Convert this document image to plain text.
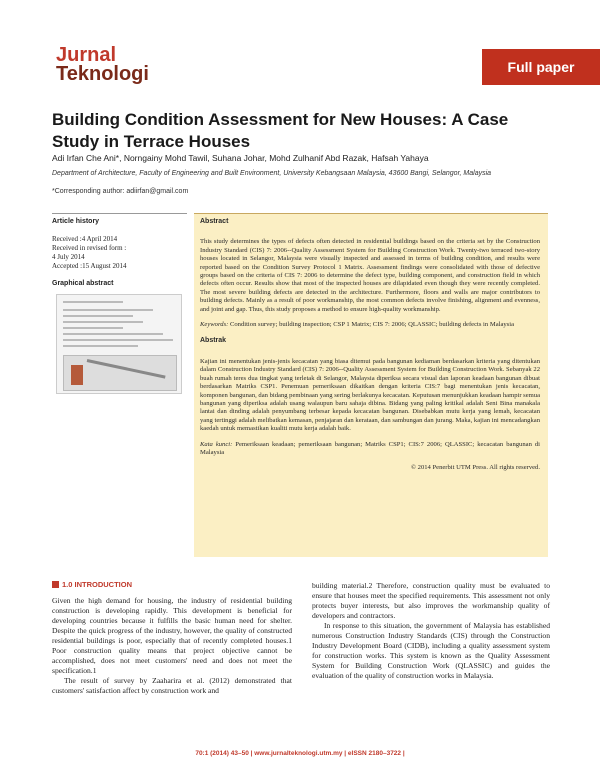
Jurnal
Teknologi	Full paper
Building Condition Assessment for New Houses: A Case Study in Terrace Houses
Adi Irfan Che Ani*, Norngainy Mohd Tawil, Suhana Johar, Mohd Zulhanif Abd Razak, Hafsah Yahaya
Department of Architecture, Faculty of Engineering and Built Environment, University Kebangsaan Malaysia, 43600 Bangi, Selangor, Malaysia
*Corresponding author: adiirfan@gmail.com
Article history
Received :4 April 2014
Received in revised form :
4 July 2014
Accepted :15 August 2014
Graphical abstract
Abstract

This study determines the types of defects often detected in residential buildings based on the criteria set by the Construction Industry Standard (CIS) 7: 2006--Quality Assessment System for Building Construction Work. Twenty-two terraced two-story houses located in Selangor, Malaysia were visually inspected and assessed in terms of building condition, and results were reported based on the Condition Survey Protocol 1 Matrix. Assessment findings were consolidated with those of defective groups based on the criteria of CIS 7: 2006 to determine the defect type, building component, and construction field in which defects often occur. Results show that most of the inspected houses are dilapidated even though they were recently completed. The most severe building defects are detected in the architecture. Furthermore, floors and walls are major contributors to building defects. Mainly as a result of poor workmanship, the most common defects involve finishing, alignment and evenness, and joint and gap. Thus, this study proposes a method to ensure high-quality workmanship.

Keywords: Condition survey; building inspection; CSP 1 Matrix; CIS 7: 2006; QLASSIC; building defects in Malaysia

Abstrak

Kajian ini menentukan jenis-jenis kecacatan yang biasa ditemui pada bangunan kediaman berdasarkan kriteria yang ditentukan dalam Construction Industry Standard (CIS) 7: 2006--Quality Assessment System for Building Construction Work. Sebanyak 22 buah rumah teres dua tingkat yang terletak di Selangor, Malaysia diperiksa secara visual dan laporan keadaan bangunan dibuat berdasarkan Matriks CSP1. Penemuan pemeriksaan dikaitkan dengan kriteria CIS:7 bagi menentukan jenis kecacatan, komponen bangunan, dan bidang pembinaan yang sering berlakunya kecacatan. Keputusan menunjukkan keadaan hampir semua bangunan yang diperiksa adalah usang walaupun baru sahaja dibina. Bidang yang paling kritikal adalah Seni Bina manakala lantai dan dinding adalah penyumbang terbesar kepada kecacatan bangunan. Disebabkan mutu kerja yang lemah, kecacatan yang tertinggi adalah melibatkan kemasan, penjajaran dan kerataan, dan sambungan dan jurang. Maka, kajian ini mencadangkan kaedah untuk memastikan kualiti mutu kerja adalah baik.

Kata kunci: Pemeriksaan keadaan; pemeriksaan bangunan; Matriks CSP1; CIS:7 2006; QLASSIC; kecacatan bangunan di Malaysia

© 2014 Penerbit UTM Press. All rights reserved.
1.0 INTRODUCTION

Given the high demand for housing, the industry of residential building construction is developing rapidly. This development is beneficial for developing countries because it fulfills the basic human need for shelter. Despite the quick progress of the industry, however, the quality of constructed residential buildings is poor, especially that of recently completed houses.1 Poor construction quality means that project objective cannot be accomplished, does not meet customers' need and does not meet the specification.1

The result of survey by Zaaharira et al. (2012) demonstrated that customers' satisfaction affect by construction work and

building material.2 Therefore, construction quality must be evaluated to ensure that houses meet the specified requirements. This assessment not only protects buyer interests, but also improves the workmanship quality of developers and contractors.

In response to this situation, the government of Malaysia has established numerous Construction Industry Standards (CIS) through the Construction Industry Development Board (CIDB), including a quality assessment system for construction works. This system is known as the Quality Assessment System for Building Construction Work (QLASSIC) and guides the evaluation of the quality of construction works in Malaysia.

70:1 (2014) 43–50 | www.jurnalteknologi.utm.my | eISSN 2180–3722 |
